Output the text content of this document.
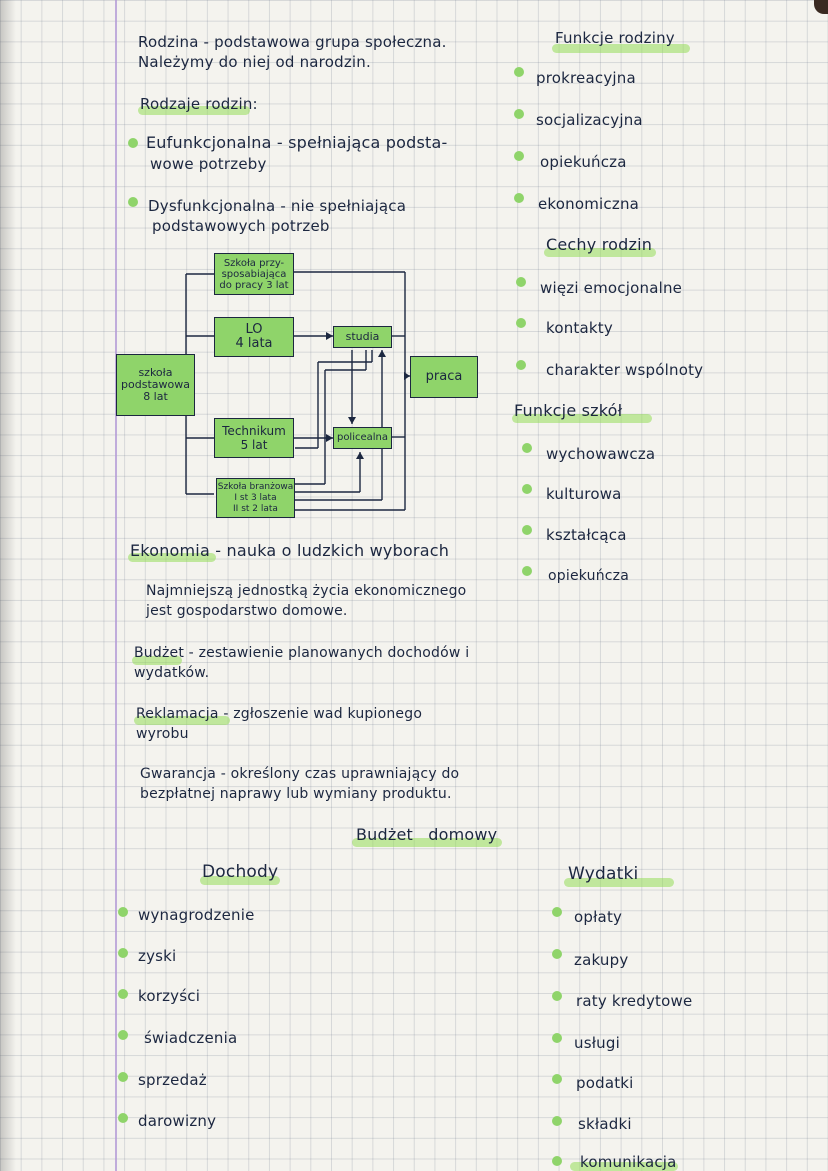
Rodzina - podstawowa grupa społeczna.
Należymy do niej od narodzin.
Rodzaje rodzin:
Eufunkcjonalna - spełniająca podsta-
wowe potrzeby
Dysfunkcjonalna - nie spełniająca
podstawowych potrzeb
szkoła
podstawowa
8 lat
Szkoła przy-
sposabiająca
do pracy 3 lat
LO
4 lata	studia
praca
Technikum
5 lat
policealna
Szkoła branżowa
I st 3 lata
II st 2 lata
Ekonomia - nauka o ludzkich wyborach
Najmniejszą jednostką życia ekonomicznego
jest gospodarstwo domowe.
Budżet - zestawienie planowanych dochodów i
wydatków.
Reklamacja - zgłoszenie wad kupionego
wyrobu
Gwarancja - określony czas uprawniający do
bezpłatnej naprawy lub wymiany produktu.
Funkcje rodziny
prokreacyjna
socjalizacyjna
opiekuńcza
ekonomiczna
Cechy rodzin
więzi emocjonalne
kontakty
charakter wspólnoty
Funkcje szkół
wychowawcza
kulturowa
kształcąca
opiekuńcza
Budżet domowy
Dochody
wynagrodzenie
zyski
korzyści
świadczenia
sprzedaż
darowizny
Wydatki
opłaty
zakupy
raty kredytowe
usługi
podatki
składki
komunikacja
